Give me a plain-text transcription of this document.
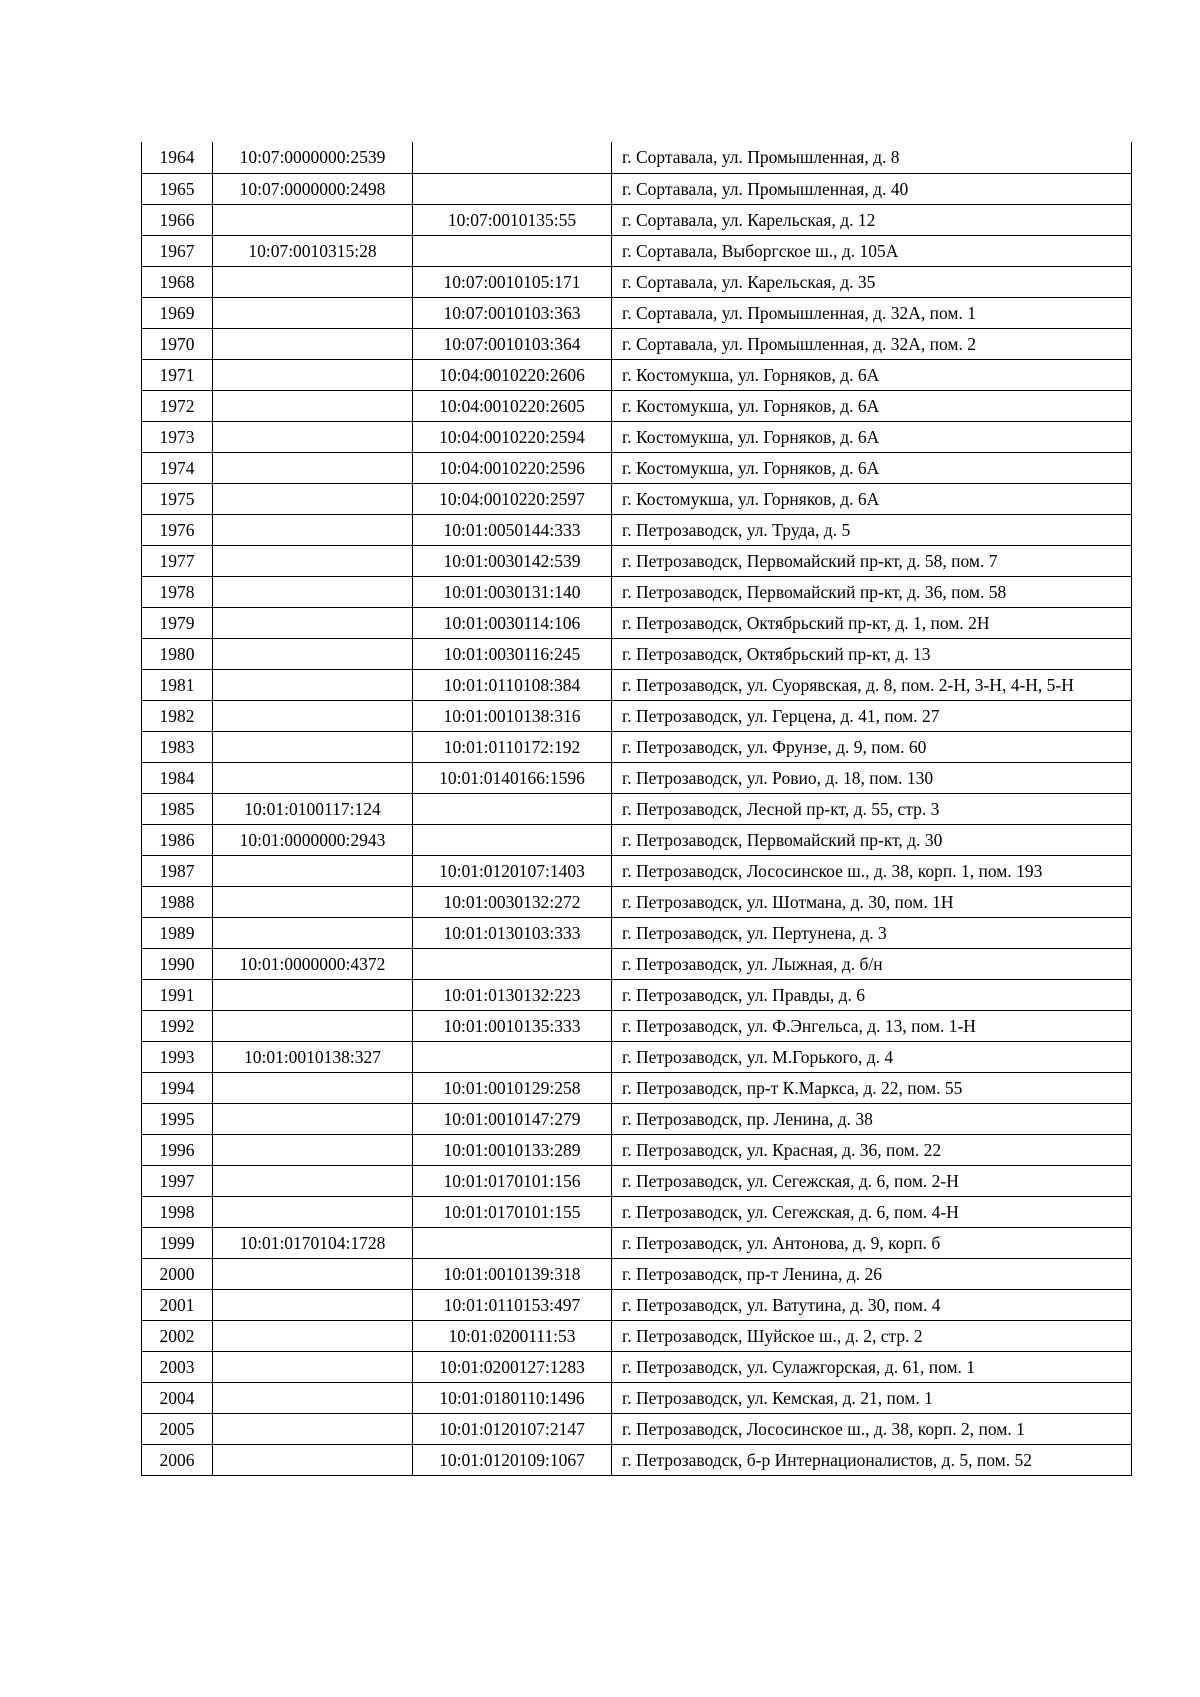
1964	10:07:0000000:2539		г. Сортавала, ул. Промышленная, д. 8
1965	10:07:0000000:2498		г. Сортавала, ул. Промышленная, д. 40
1966		10:07:0010135:55	г. Сортавала, ул. Карельская, д. 12
1967	10:07:0010315:28		г. Сортавала, Выборгское ш., д. 105А
1968		10:07:0010105:171	г. Сортавала, ул. Карельская, д. 35
1969		10:07:0010103:363	г. Сортавала, ул. Промышленная, д. 32А, пом. 1
1970		10:07:0010103:364	г. Сортавала, ул. Промышленная, д. 32А, пом. 2
1971		10:04:0010220:2606	г. Костомукша, ул. Горняков, д. 6А
1972		10:04:0010220:2605	г. Костомукша, ул. Горняков, д. 6А
1973		10:04:0010220:2594	г. Костомукша, ул. Горняков, д. 6А
1974		10:04:0010220:2596	г. Костомукша, ул. Горняков, д. 6А
1975		10:04:0010220:2597	г. Костомукша, ул. Горняков, д. 6А
1976		10:01:0050144:333	г. Петрозаводск, ул. Труда, д. 5
1977		10:01:0030142:539	г. Петрозаводск, Первомайский пр-кт, д. 58, пом. 7
1978		10:01:0030131:140	г. Петрозаводск, Первомайский пр-кт, д. 36, пом. 58
1979		10:01:0030114:106	г. Петрозаводск, Октябрьский пр-кт, д. 1, пом. 2Н
1980		10:01:0030116:245	г. Петрозаводск, Октябрьский пр-кт, д. 13
1981		10:01:0110108:384	г. Петрозаводск, ул. Суорявская, д. 8, пом. 2-Н, 3-Н, 4-Н, 5-Н
1982		10:01:0010138:316	г. Петрозаводск, ул. Герцена, д. 41, пом. 27
1983		10:01:0110172:192	г. Петрозаводск, ул. Фрунзе, д. 9, пом. 60
1984		10:01:0140166:1596	г. Петрозаводск, ул. Ровио, д. 18, пом. 130
1985	10:01:0100117:124		г. Петрозаводск, Лесной пр-кт, д. 55, стр. 3
1986	10:01:0000000:2943		г. Петрозаводск, Первомайский пр-кт, д. 30
1987		10:01:0120107:1403	г. Петрозаводск, Лососинское ш., д. 38, корп. 1, пом. 193
1988		10:01:0030132:272	г. Петрозаводск, ул. Шотмана, д. 30, пом. 1Н
1989		10:01:0130103:333	г. Петрозаводск, ул. Пертунена, д. 3
1990	10:01:0000000:4372		г. Петрозаводск, ул. Лыжная, д. б/н
1991		10:01:0130132:223	г. Петрозаводск, ул. Правды, д. 6
1992		10:01:0010135:333	г. Петрозаводск, ул. Ф.Энгельса, д. 13, пом. 1-Н
1993	10:01:0010138:327		г. Петрозаводск, ул. М.Горького, д. 4
1994		10:01:0010129:258	г. Петрозаводск, пр-т К.Маркса, д. 22, пом. 55
1995		10:01:0010147:279	г. Петрозаводск, пр. Ленина, д. 38
1996		10:01:0010133:289	г. Петрозаводск, ул. Красная, д. 36, пом. 22
1997		10:01:0170101:156	г. Петрозаводск, ул. Сегежская, д. 6, пом. 2-Н
1998		10:01:0170101:155	г. Петрозаводск, ул. Сегежская, д. 6, пом. 4-Н
1999	10:01:0170104:1728		г. Петрозаводск, ул. Антонова, д. 9, корп. б
2000		10:01:0010139:318	г. Петрозаводск, пр-т Ленина, д. 26
2001		10:01:0110153:497	г. Петрозаводск, ул. Ватутина, д. 30, пом. 4
2002		10:01:0200111:53	г. Петрозаводск, Шуйское ш., д. 2, стр. 2
2003		10:01:0200127:1283	г. Петрозаводск, ул. Сулажгорская, д. 61, пом. 1
2004		10:01:0180110:1496	г. Петрозаводск, ул. Кемская, д. 21, пом. 1
2005		10:01:0120107:2147	г. Петрозаводск, Лососинское ш., д. 38, корп. 2, пом. 1
2006		10:01:0120109:1067	г. Петрозаводск, б-р Интернационалистов, д. 5, пом. 52
